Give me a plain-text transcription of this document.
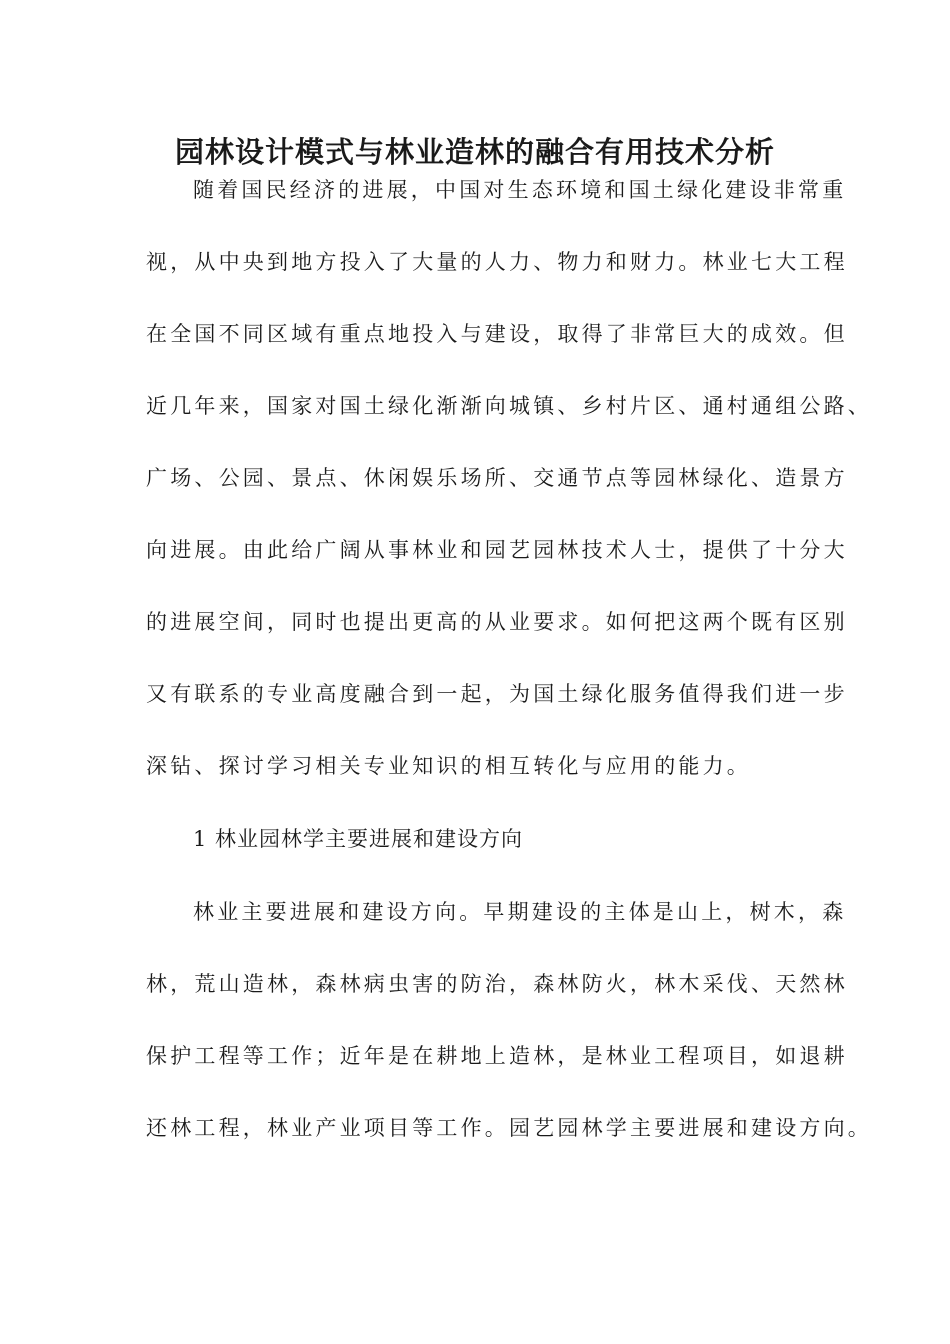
园林设计模式与林业造林的融合有用技术分析
随着国民经济的进展，中国对生态环境和国土绿化建设非常重
视，从中央到地方投入了大量的人力、物力和财力。林业七大工程
在全国不同区域有重点地投入与建设，取得了非常巨大的成效。但
近几年来，国家对国土绿化渐渐向城镇、乡村片区、通村通组公路、
广场、公园、景点、休闲娱乐场所、交通节点等园林绿化、造景方
向进展。由此给广阔从事林业和园艺园林技术人士，提供了十分大
的进展空间，同时也提出更高的从业要求。如何把这两个既有区别
又有联系的专业高度融合到一起，为国土绿化服务值得我们进一步
深钻、探讨学习相关专业知识的相互转化与应用的能力。
1 林业园林学主要进展和建设方向
林业主要进展和建设方向。早期建设的主体是山上，树木，森
林，荒山造林，森林病虫害的防治，森林防火，林木采伐、天然林
保护工程等工作；近年是在耕地上造林，是林业工程项目，如退耕
还林工程，林业产业项目等工作。园艺园林学主要进展和建设方向。
